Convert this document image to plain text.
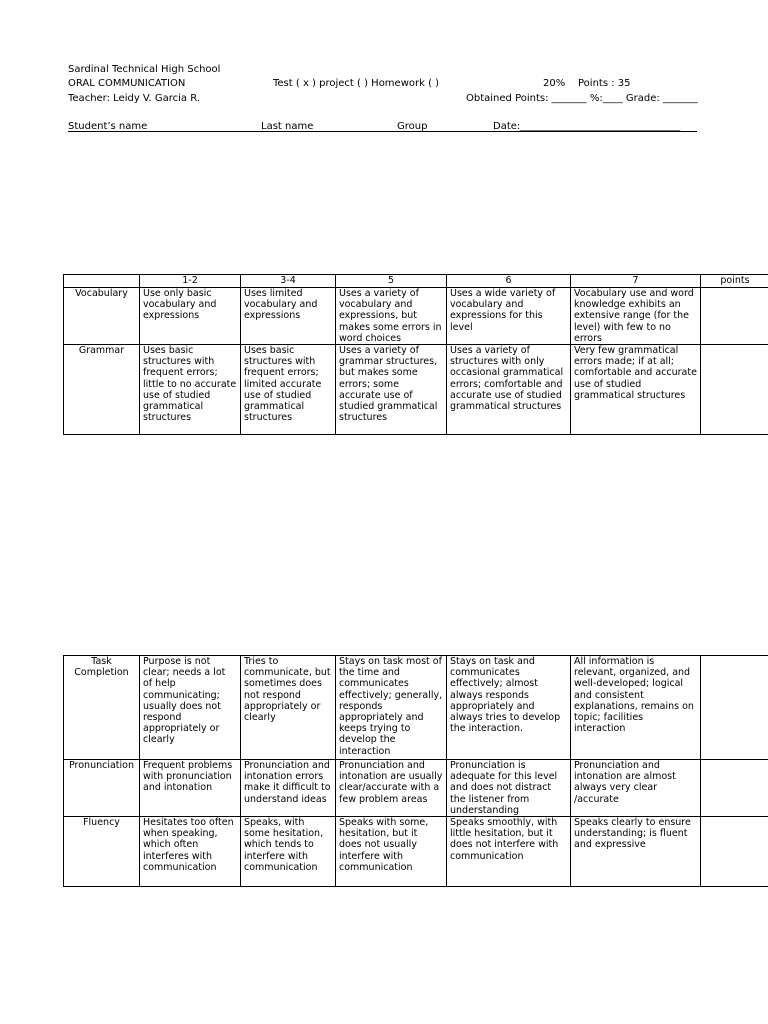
Sardinal Technical High School
ORAL COMMUNICATION
Teacher: Leidy V. Garcia R.
Test ( x ) project ( ) Homework ( )	20% Points : 35
Obtained Points: _______ %:____ Grade: _______
Student’s name	Last name	Group	Date:________________________________
	1-2	3-4	5	6	7	points
Vocabulary	Use only basic vocabulary and expressions	Uses limited vocabulary and expressions	Uses a variety of vocabulary and expressions, but makes some errors in word choices	Uses a wide variety of vocabulary and expressions for this level	Vocabulary use and word knowledge exhibits an extensive range (for the level) with few to no errors	
Grammar	Uses basic structures with frequent errors; little to no accurate use of studied grammatical structures	Uses basic structures with frequent errors; limited accurate use of studied grammatical structures	Uses a variety of grammar structures, but makes some errors; some accurate use of studied grammatical structures	Uses a variety of structures with only occasional grammatical errors; comfortable and accurate use of studied grammatical structures	Very few grammatical errors made; if at all; comfortable and accurate use of studied grammatical structures	
Task Completion	Purpose is not clear; needs a lot of help communicating; usually does not respond appropriately or clearly	Tries to communicate, but sometimes does not respond appropriately or clearly	Stays on task most of the time and communicates effectively; generally, responds appropriately and keeps trying to develop the interaction	Stays on task and communicates effectively; almost always responds appropriately and always tries to develop the interaction.	All information is relevant, organized, and well-developed; logical and consistent explanations, remains on topic; facilities interaction	
Pronunciation	Frequent problems with pronunciation and intonation	Pronunciation and intonation errors make it difficult to understand ideas	Pronunciation and intonation are usually clear/accurate with a few problem areas	Pronunciation is adequate for this level and does not distract the listener from understanding	Pronunciation and intonation are almost always very clear /accurate	
Fluency	Hesitates too often when speaking, which often interferes with communication	Speaks, with some hesitation, which tends to interfere with communication	Speaks with some, hesitation, but it does not usually interfere with communication	Speaks smoothly, with little hesitation, but it does not interfere with communication	Speaks clearly to ensure understanding; is fluent and expressive	
